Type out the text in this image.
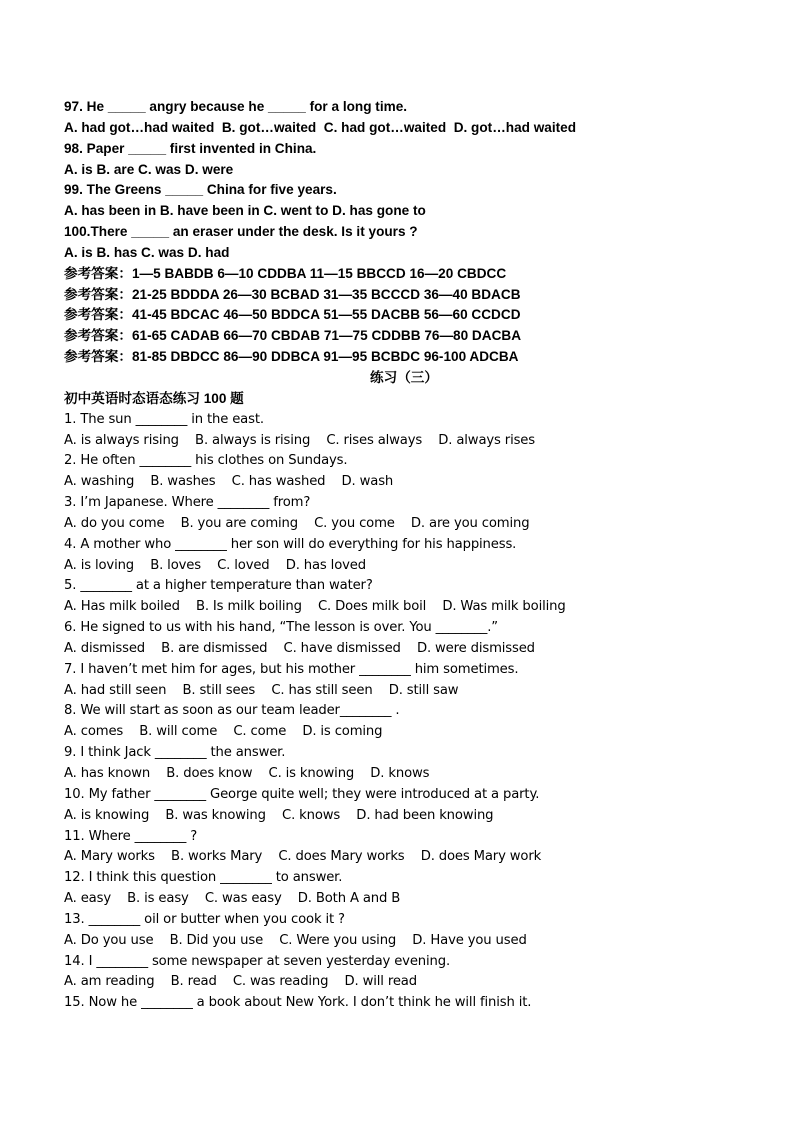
97. He _____ angry because he _____ for a long time.
A. had got…had waited  B. got…waited  C. had got…waited  D. got…had waited
98. Paper _____ first invented in China.
A. is B. are C. was D. were
99. The Greens _____ China for five years.
A. has been in B. have been in C. went to D. has gone to
100.There _____ an eraser under the desk. Is it yours ?
A. is B. has C. was D. had
参考答案：1—5 BABDB 6—10 CDDBA 11—15 BBCCD 16—20 CBDCC
参考答案：21-25 BDDDA 26—30 BCBAD 31—35 BCCCD 36—40 BDACB
参考答案：41-45 BDCAC 46—50 BDDCA 51—55 DACBB 56—60 CCDCD
参考答案：61-65 CADAB 66—70 CBDAB 71—75 CDDBB 76—80 DACBA
参考答案：81-85 DBDCC 86—90 DDBCA 91—95 BCBDC 96-100 ADCBA
练习（三）
初中英语时态语态练习 100 题
1. The sun ________ in the east.
A. is always rising    B. always is rising    C. rises always    D. always rises
2. He often ________ his clothes on Sundays.
A. washing    B. washes    C. has washed    D. wash
3. I’m Japanese. Where ________ from?
A. do you come    B. you are coming    C. you come    D. are you coming
4. A mother who ________ her son will do everything for his happiness.
A. is loving    B. loves    C. loved    D. has loved
5. ________ at a higher temperature than water?
A. Has milk boiled    B. Is milk boiling    C. Does milk boil    D. Was milk boiling
6. He signed to us with his hand, “The lesson is over. You ________.”
A. dismissed    B. are dismissed    C. have dismissed    D. were dismissed
7. I haven’t met him for ages, but his mother ________ him sometimes.
A. had still seen    B. still sees    C. has still seen    D. still saw
8. We will start as soon as our team leader________ .
A. comes    B. will come    C. come    D. is coming
9. I think Jack ________ the answer.
A. has known    B. does know    C. is knowing    D. knows
10. My father ________ George quite well; they were introduced at a party.
A. is knowing    B. was knowing    C. knows    D. had been knowing
11. Where ________ ?
A. Mary works    B. works Mary    C. does Mary works    D. does Mary work
12. I think this question ________ to answer.
A. easy    B. is easy    C. was easy    D. Both A and B
13. ________ oil or butter when you cook it ?
A. Do you use    B. Did you use    C. Were you using    D. Have you used
14. I ________ some newspaper at seven yesterday evening.
A. am reading    B. read    C. was reading    D. will read
15. Now he ________ a book about New York. I don’t think he will finish it.
